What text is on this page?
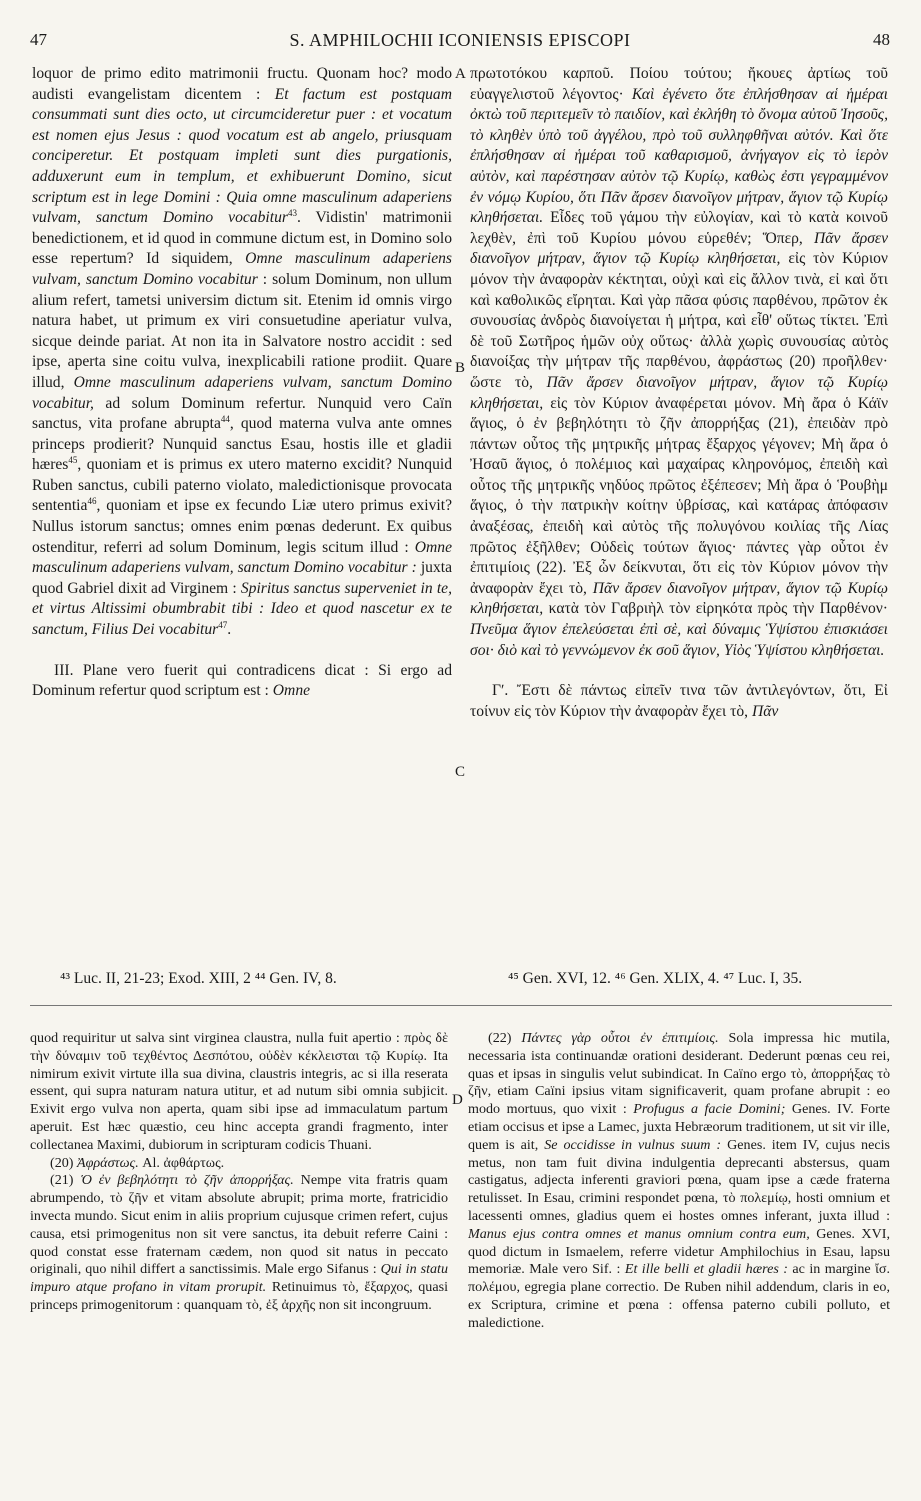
47	S. AMPHILOCHII ICONIENSIS EPISCOPI	48
A
B
C
D

loquor de primo edito matrimonii fructu. Quonam hoc? modo audisti evangelistam dicentem : Et factum est postquam consummati sunt dies octo, ut circumcideretur puer : et vocatum est nomen ejus Jesus : quod vocatum est ab angelo, priusquam conciperetur. Et postquam impleti sunt dies purgationis, adduxerunt eum in templum, et exhibuerunt Domino, sicut scriptum est in lege Domini : Quia omne masculinum adaperiens vulvam, sanctum Domino vocabitur$^{43}$. Vidistin' matrimonii benedictionem, et id quod in commune dictum est, in Domino solo esse repertum? Id siquidem, Omne masculinum adaperiens vulvam, sanctum Domino vocabitur : solum Dominum, non ullum alium refert, tametsi universim dictum sit. Etenim id omnis virgo natura habet, ut primum ex viri consuetudine aperiatur vulva, sicque deinde pariat. At non ita in Salvatore nostro accidit : sed ipse, aperta sine coitu vulva, inexplicabili ratione prodiit. Quare illud, Omne masculinum adaperiens vulvam, sanctum Domino vocabitur, ad solum Dominum refertur. Nunquid vero Caïn sanctus, vita profane abrupta$^{44}$, quod materna vulva ante omnes princeps prodierit? Nunquid sanctus Esau, hostis ille et gladii hæres$^{45}$, quoniam et is primus ex utero materno excidit? Nunquid Ruben sanctus, cubili paterno violato, maledictionisque provocata sententia$^{46}$, quoniam et ipse ex fecundo Liæ utero primus exivit? Nullus istorum sanctus; omnes enim pœnas dederunt. Ex quibus ostenditur, referri ad solum Dominum, legis scitum illud : Omne masculinum adaperiens vulvam, sanctum Domino vocabitur : juxta quod Gabriel dixit ad Virginem : Spiritus sanctus superveniet in te, et virtus Altissimi obumbrabit tibi : Ideo et quod nascetur ex te sanctum, Filius Dei vocabitur$^{47}$.

III. Plane vero fuerit qui contradicens dicat : Si ergo ad Dominum refertur quod scriptum est : Omne

πρωτοτόκου καρποῦ. Ποίου τούτου; ἤκουες ἀρτίως τοῦ εὐαγγελιστοῦ λέγοντος· Καὶ ἐγένετο ὅτε ἐπλήσθησαν αἱ ἡμέραι ὀκτὼ τοῦ περιτεμεῖν τὸ παιδίον, καὶ ἐκλήθη τὸ ὄνομα αὐτοῦ Ἰησοῦς, τὸ κληθὲν ὑπὸ τοῦ ἀγγέλου, πρὸ τοῦ συλληφθῆναι αὐτόν. Καὶ ὅτε ἐπλήσθησαν αἱ ἡμέραι τοῦ καθαρισμοῦ, ἀνήγαγον εἰς τὸ ἱερὸν αὐτὸν, καὶ παρέστησαν αὐτὸν τῷ Κυρίῳ, καθὼς ἐστι γεγραμμένον ἐν νόμῳ Κυρίου, ὅτι Πᾶν ἄρσεν διανοῖγον μήτραν, ἅγιον τῷ Κυρίῳ κληθήσεται. Εἶδες τοῦ γάμου τὴν εὐλογίαν, καὶ τὸ κατὰ κοινοῦ λεχθὲν, ἐπὶ τοῦ Κυρίου μόνου εὑρεθέν; Ὅπερ, Πᾶν ἄρσεν διανοῖγον μήτραν, ἅγιον τῷ Κυρίῳ κληθήσεται, εἰς τὸν Κύριον μόνον τὴν ἀναφορὰν κέκτηται, οὐχὶ καὶ εἰς ἄλλον τινὰ, εἰ καὶ ὅτι καὶ καθολικῶς εἴρηται. Καὶ γὰρ πᾶσα φύσις παρθένου, πρῶτον ἐκ συνουσίας ἀνδρὸς διανοίγεται ἡ μήτρα, καὶ εἶθ' οὕτως τίκτει. Ἐπὶ δὲ τοῦ Σωτῆρος ἡμῶν οὐχ οὕτως· ἀλλὰ χωρὶς συνουσίας αὐτὸς διανοίξας τὴν μήτραν τῆς παρθένου, ἀφράστως (20) προῆλθεν· ὥστε τὸ, Πᾶν ἄρσεν διανοῖγον μήτραν, ἅγιον τῷ Κυρίῳ κληθήσεται, εἰς τὸν Κύριον ἀναφέρεται μόνον. Μὴ ἄρα ὁ Κάϊν ἅγιος, ὁ ἐν βεβηλότητι τὸ ζῆν ἀπορρήξας (21), ἐπειδὰν πρὸ πάντων οὗτος τῆς μητρικῆς μήτρας ἔξαρχος γέγονεν; Μὴ ἄρα ὁ Ἠσαῦ ἅγιος, ὁ πολέμιος καὶ μαχαίρας κληρονόμος, ἐπειδὴ καὶ οὗτος τῆς μητρικῆς νηδύος πρῶτος ἐξέπεσεν; Μὴ ἄρα ὁ Ῥουβὴμ ἅγιος, ὁ τὴν πατρικὴν κοίτην ὑβρίσας, καὶ κατάρας ἀπόφασιν ἀναξέσας, ἐπειδὴ καὶ αὐτὸς τῆς πολυγόνου κοιλίας τῆς Λίας πρῶτος ἐξῆλθεν; Οὐδεὶς τούτων ἅγιος· πάντες γὰρ οὗτοι ἐν ἐπιτιμίοις (22). Ἐξ ὧν δείκνυται, ὅτι εἰς τὸν Κύριον μόνον τὴν ἀναφορὰν ἔχει τὸ, Πᾶν ἄρσεν διανοῖγον μήτραν, ἅγιον τῷ Κυρίῳ κληθήσεται, κατὰ τὸν Γαβριὴλ τὸν εἰρηκότα πρὸς τὴν Παρθένον· Πνεῦμα ἅγιον ἐπελεύσεται ἐπὶ σὲ, καὶ δύναμις Ὑψίστου ἐπισκιάσει σοι· διὸ καὶ τὸ γεννώμενον ἐκ σοῦ ἅγιον, Υἱὸς Ὑψίστου κληθήσεται.

Γʹ. Ἔστι δὲ πάντως εἰπεῖν τινα τῶν ἀντιλεγόντων, ὅτι, Εἰ τοίνυν εἰς τὸν Κύριον τὴν ἀναφορὰν ἔχει τὸ, Πᾶν

⁴³ Luc. II, 21-23; Exod. XIII, 2 ⁴⁴ Gen. IV, 8.	⁴⁵ Gen. XVI, 12. ⁴⁶ Gen. XLIX, 4. ⁴⁷ Luc. I, 35.

quod requiritur ut salva sint virginea claustra, nulla fuit apertio : πρὸς δὲ τὴν δύναμιν τοῦ τεχθέντος Δεσπότου, οὐδὲν κέκλεισται τῷ Κυρίῳ. Ita nimirum exivit virtute illa sua divina, claustris integris, ac si illa reserata essent, qui supra naturam natura utitur, et ad nutum sibi omnia subjicit. Exivit ergo vulva non aperta, quam sibi ipse ad immaculatum partum aperuit. Est hæc quæstio, ceu hinc accepta grandi fragmento, inter collectanea Maximi, dubiorum in scripturam codicis Thuani.

(20) Ἀφράστως. Al. ἀφθάρτως.

(21) Ὁ ἐν βεβηλότητι τὸ ζῆν ἀπορρήξας. Nempe vita fratris quam abrumpendo, τὸ ζῆν et vitam absolute abrupit; prima morte, fratricidio invecta mundo. Sicut enim in aliis proprium cujusque crimen refert, cujus causa, etsi primogenitus non sit vere sanctus, ita debuit referre Caini : quod constat esse fraternam cædem, non quod sit natus in peccato originali, quo nihil differt a sanctissimis. Male ergo Sifanus : Qui in statu impuro atque profano in vitam prorupit. Retinuimus τὸ, ἔξαρχος, quasi princeps primogenitorum : quanquam τὸ, ἐξ ἀρχῆς non sit incongruum.

(22) Πάντες γὰρ οὗτοι ἐν ἐπιτιμίοις. Sola impressa hic mutila, necessaria ista continuandæ orationi desiderant. Dederunt pœnas ceu rei, quas et ipsas in singulis velut subindicat. In Caïno ergo τὸ, ἀπορρήξας τὸ ζῆν, etiam Caïni ipsius vitam significaverit, quam profane abrupit : eo modo mortuus, quo vixit : Profugus a facie Domini; Genes. IV. Forte etiam occisus et ipse a Lamec, juxta Hebræorum traditionem, ut sit vir ille, quem is ait, Se occidisse in vulnus suum : Genes. item IV, cujus necis metus, non tam fuit divina indulgentia deprecanti abstersus, quam castigatus, adjecta inferenti graviori pœna, quam ipse a cæde fraterna retulisset. In Esau, crimini respondet pœna, τὸ πολεμίῳ, hosti omnium et lacessenti omnes, gladius quem ei hostes omnes inferant, juxta illud : Manus ejus contra omnes et manus omnium contra eum, Genes. XVI, quod dictum in Ismaelem, referre videtur Amphilochius in Esau, lapsu memoriæ. Male vero Sif. : Et ille belli et gladii hæres : ac in margine ἴσ. πολέμου, egregia plane correctio. De Ruben nihil addendum, claris in eo, ex Scriptura, crimine et pœna : offensa paterno cubili polluto, et maledictione.
